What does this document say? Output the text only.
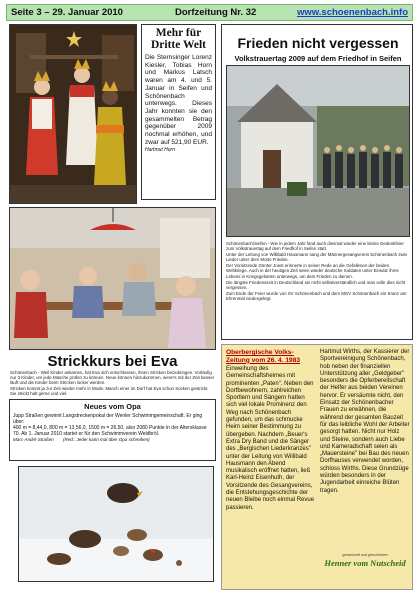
Seite 3 – 29. Januar 2010	Dorfzeitung Nr. 32	www.schoenenbach.info
Mehr für Dritte Welt
Die Sternsinger Lorenz Kiesler, Tobias Horn und Markus Latsch waren am 4. und 5. Januar in Seifen und Schönenbach unterwegs. Dieses Jahr konnten sie den gesammelten Betrag gegenüber 2009 nochmal erhöhen, und zwar auf 521,90 EUR.
Hartmut Horn
Frieden nicht vergessen
Volkstrauertag 2009 auf dem Friedhof in Seifen

Schönenbach/Seifen - Wie in jedem Jahr fand auch diesmal wieder eine kleine Gedenkfeier zum Volkstrauertag auf dem Friedhof in Seifen statt.

Unter der Leitung von Willibald Hausmann sang der Männergesangverein Schönenbach zwei Lieder unter dem Motto Frieden.

Der Vorsitzende Günter Joest erinnerte in seiner Rede an die Gefallenen der beiden Weltkriege. Auch in der heutigen Zeit seien wieder deutsche Soldaten unter Einsatz ihres Lebens in Kriegsgebieten unterwegs, um dem Frieden zu dienen.

Die längste Friedenszeit in Deutschland sei nicht selbstverständlich und man solle dies nicht vergessen.

Zum Ende der Feier wurde von SV Schönenbach und dem MGV Schönenbach ein Kranz am Ehrenmal niedergelegt.

Strickkurs bei Eva

Schönenbach - Weil Kinder ankamen, hat Eva sich entschlossen, ihnen Stricken beizubringen. Vorläufig nur 3 Kinder, um jede Masche prüfen zu können. Neue können hinzukommen, wenn's mit der Zeit besser läuft und die Kinder beim Stricken locker werden.

Stricken kommt ja zur Zeit wieder mehr in Mode. Manch einer im Dorf hat Eva schon Socken gestrickt. Sie strickt halt gerne und viel.

Neues vom Opa
Jupp Straßen gewinnt Langstreckenpokal der Wenler Schwimmgemeinschaft. Er ging über:
400 m = 8,44,0, 800 m = 13,56,0, 1500 m = 26,50, also 2080 Punkte in der Altersklasse 70. Ab 1. Januar 2010 startet er für den Schwimmverein Weldbröl.
Marc-André Straßen (Red.: Jeder kann mal über Opa schreiben)
Oberbergische Volks-Zeitung vom 26. 4. 1983
Einweihung des Gemeinschaftsheimes mit prominenten „Paten". Neben den Dorfbewohnern, zahlreichen Sportlern und Sängern hatten sich viel lokale Prominenz den Weg nach Schönenbach gefunden, um das schmucke Heim seiner Bestimmung zu übergeben. Nachdem „Beuer's Extra Dry Band und die Sänger des „Bergischen Liederkranzes" unter der Leitung von Willibald Hausmann den Abend musikalisch eröffnet hatten, ließ Karl-Heinz Eisenhuth, der Vorsitzende des Gesangvereins, die Entstehungsgeschichte der neuen Bleibe noch einmal Revue passieren.
Hartmut Wirths, der Kassierer der Sportvereinigung Schönenbach, hob neben der finanziellen Unterstützung aller „Geldgeber" besonders die Opferbereitschaft der Helfer aus beiden Vereinen hervor. Er versäumte nicht, den Einsatz der Schönenbacher Frauen zu erwähnen, die während der gesamten Bauzeit für das leibliche Wohl der Arbeiter gesorgt hatten. Nicht nur Holz und Steine, sondern auch Liebe und Kameradschaft seien als „Mauersteine" bei Bau des neuen Dorfhauses verwendet worden, schloss Wirths. Diese Grundzüge würden besonders in der Jugendarbeit einreiche Blüten tragen.
gesammelt und geschrieben
Henner vom Nutscheid
